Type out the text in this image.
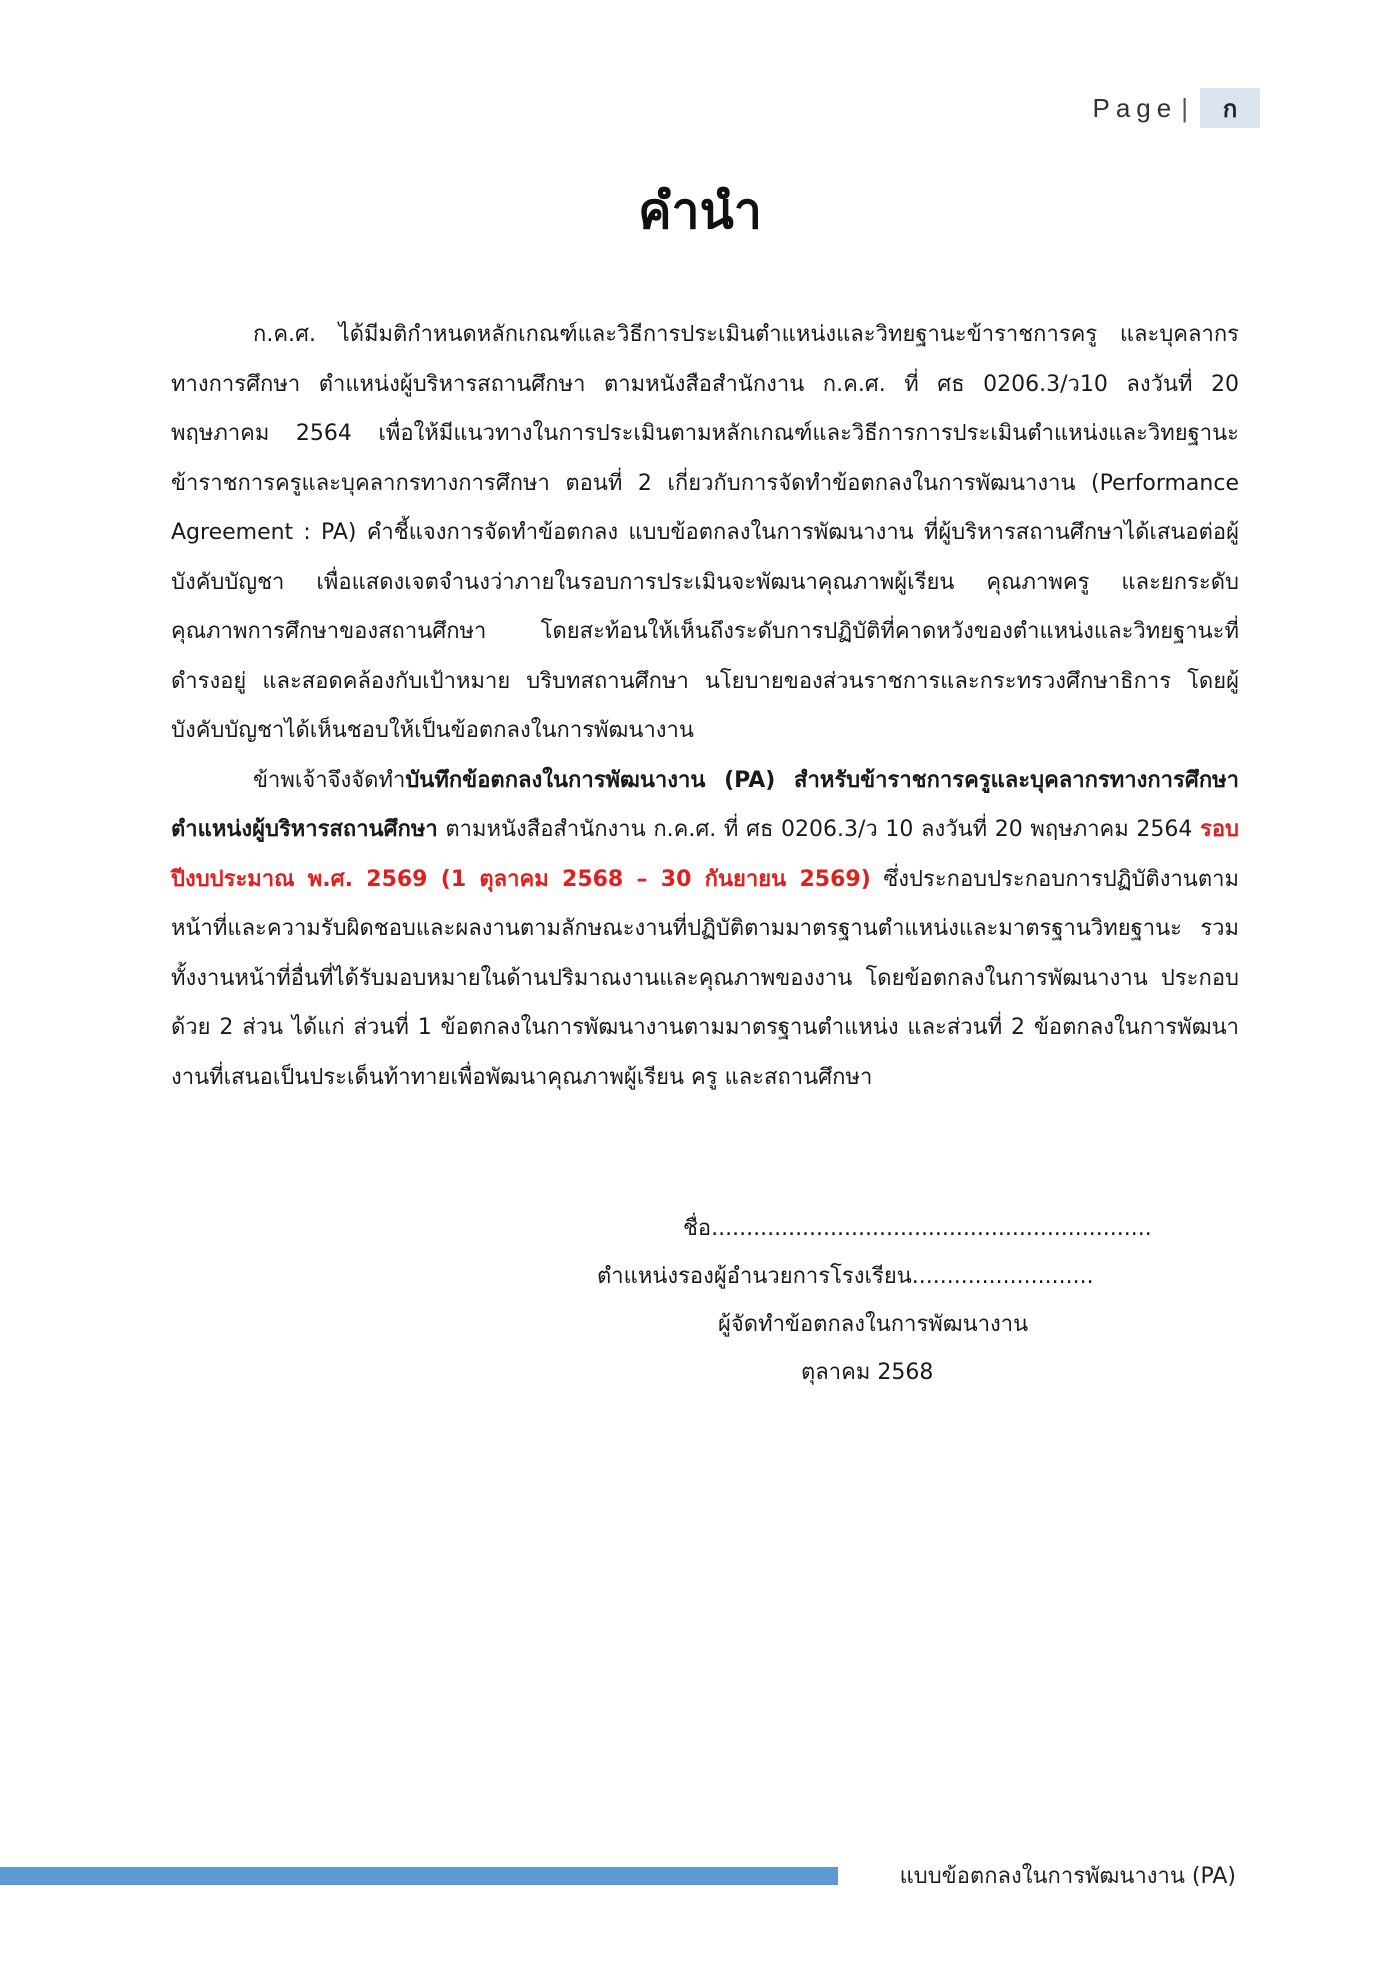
Page |	ก
คำนำ

ก.ค.ศ. ได้มีมติกำหนดหลักเกณฑ์และวิธีการประเมินตำแหน่งและวิทยฐานะข้าราชการครู และบุคลากรทางการศึกษา ตำแหน่งผู้บริหารสถานศึกษา ตามหนังสือสำนักงาน ก.ค.ศ. ที่ ศธ 0206.3/ว10 ลงวันที่ 20 พฤษภาคม 2564 เพื่อให้มีแนวทางในการประเมินตามหลักเกณฑ์และวิธีการการประเมินตำแหน่งและวิทยฐานะข้าราชการครูและบุคลากรทางการศึกษา ตอนที่ 2 เกี่ยวกับการจัดทำข้อตกลงในการพัฒนางาน (Performance Agreement : PA) คำชี้แจงการจัดทำข้อตกลง แบบข้อตกลงในการพัฒนางาน ที่ผู้บริหารสถานศึกษาได้เสนอต่อผู้บังคับบัญชา เพื่อแสดงเจตจำนงว่าภายในรอบการประเมินจะพัฒนาคุณภาพผู้เรียน คุณภาพครู และยกระดับคุณภาพการศึกษาของสถานศึกษา โดยสะท้อนให้เห็นถึงระดับการปฏิบัติที่คาดหวังของตำแหน่งและวิทยฐานะที่ดำรงอยู่ และสอดคล้องกับเป้าหมาย บริบทสถานศึกษา นโยบายของส่วนราชการและกระทรวงศึกษาธิการ โดยผู้บังคับบัญชาได้เห็นชอบให้เป็นข้อตกลงในการพัฒนางาน

ข้าพเจ้าจึงจัดทำบันทึกข้อตกลงในการพัฒนางาน (PA) สำหรับข้าราชการครูและบุคลากรทางการศึกษา ตำแหน่งผู้บริหารสถานศึกษา ตามหนังสือสำนักงาน ก.ค.ศ. ที่ ศธ 0206.3/ว 10 ลงวันที่ 20 พฤษภาคม 2564 รอบปีงบประมาณ พ.ศ. 2569 (1 ตุลาคม 2568 – 30 กันยายน 2569) ซึ่งประกอบประกอบการปฏิบัติงานตามหน้าที่และความรับผิดชอบและผลงานตามลักษณะงานที่ปฏิบัติตามมาตรฐานตำแหน่งและมาตรฐานวิทยฐานะ รวมทั้งงานหน้าที่อื่นที่ได้รับมอบหมายในด้านปริมาณงานและคุณภาพของงาน โดยข้อตกลงในการพัฒนางาน ประกอบด้วย 2 ส่วน ได้แก่ ส่วนที่ 1 ข้อตกลงในการพัฒนางานตามมาตรฐานตำแหน่ง และส่วนที่ 2 ข้อตกลงในการพัฒนางานที่เสนอเป็นประเด็นท้าทายเพื่อพัฒนาคุณภาพผู้เรียน ครู และสถานศึกษา

ชื่อ...............................................................
ตำแหน่งรองผู้อำนวยการโรงเรียน..........................
ผู้จัดทำข้อตกลงในการพัฒนางาน
ตุลาคม 2568
แบบข้อตกลงในการพัฒนางาน (PA)
